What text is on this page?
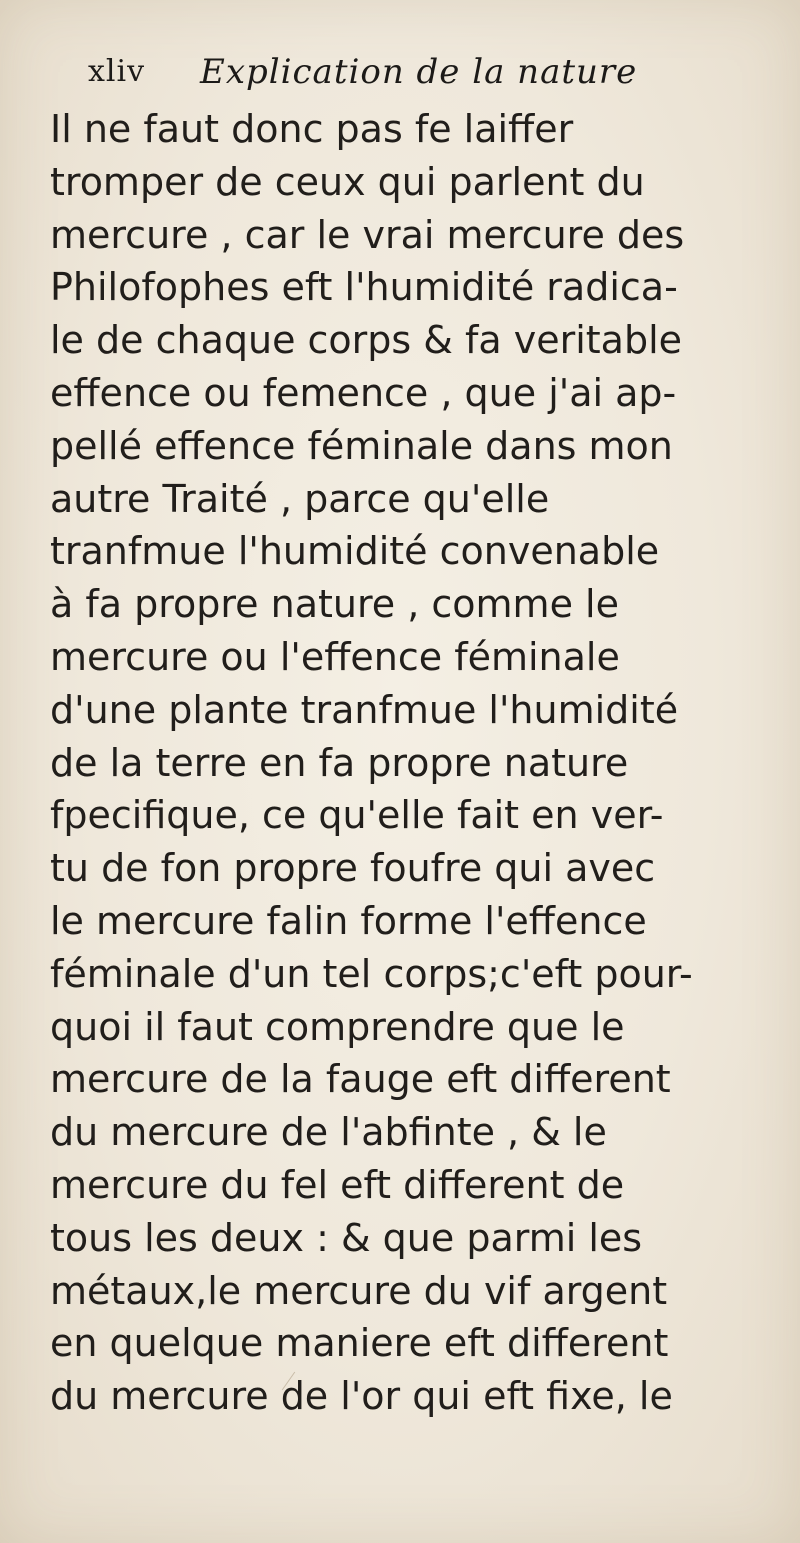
xliv Explication de la nature
Il ne faut donc pas fe laiffer
tromper de ceux qui parlent du
mercure , car le vrai mercure des
Philofophes eft l'humidité radica-
le de chaque corps & fa veritable
effence ou femence , que j'ai ap-
pellé effence féminale dans mon
autre Traité , parce qu'elle
tranfmue l'humidité convenable
à fa propre nature , comme le
mercure ou l'effence féminale
d'une plante tranfmue l'humidité
de la terre en fa propre nature
fpecifique, ce qu'elle fait en ver-
tu de fon propre foufre qui avec
le mercure falin forme l'effence
féminale d'un tel corps;c'eft pour-
quoi il faut comprendre que le
mercure de la fauge eft different
du mercure de l'abfinte , & le
mercure du fel eft different de
tous les deux : & que parmi les
métaux,le mercure du vif argent
en quelque maniere eft different
du mercure de l'or qui eft fixe, le
